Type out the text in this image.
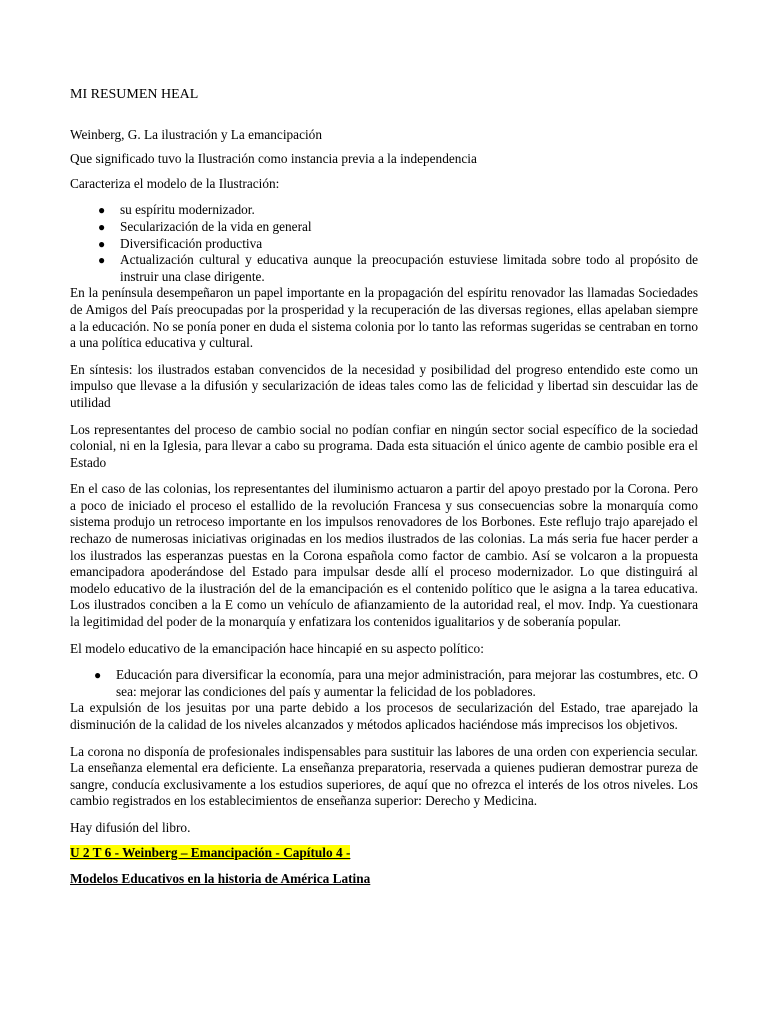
MI RESUMEN HEAL
Weinberg, G. La ilustración y La emancipación
Que significado tuvo la Ilustración como instancia previa a la independencia
Caracteriza el modelo de la Ilustración:
● su espíritu modernizador.
● Secularización de la vida en general
● Diversificación productiva
● Actualización cultural y educativa aunque la preocupación estuviese limitada sobre todo al propósito de instruir una clase dirigente.

En la península desempeñaron un papel importante en la propagación del espíritu renovador las llamadas Sociedades de Amigos del País preocupadas por la prosperidad y la recuperación de las diversas regiones, ellas apelaban siempre a la educación. No se ponía poner en duda el sistema colonia por lo tanto las reformas sugeridas se centraban en torno a una política educativa y cultural.

En síntesis: los ilustrados estaban convencidos de la necesidad y posibilidad del progreso entendido este como un impulso que llevase a la difusión y secularización de ideas tales como las de felicidad y libertad sin descuidar las de utilidad

Los representantes del proceso de cambio social no podían confiar en ningún sector social específico de la sociedad colonial, ni en la Iglesia, para llevar a cabo su programa. Dada esta situación el único agente de cambio posible era el Estado

En el caso de las colonias, los representantes del iluminismo actuaron a partir del apoyo prestado por la Corona. Pero a poco de iniciado el proceso el estallido de la revolución Francesa y sus consecuencias sobre la monarquía como sistema produjo un retroceso importante en los impulsos renovadores de los Borbones. Este reflujo trajo aparejado el rechazo de numerosas iniciativas originadas en los medios ilustrados de las colonias. La más seria fue hacer perder a los ilustrados las esperanzas puestas en la Corona española como factor de cambio. Así se volcaron a la propuesta emancipadora apoderándose del Estado para impulsar desde allí el proceso modernizador. Lo que distinguirá al modelo educativo de la ilustración del de la emancipación es el contenido político que le asigna a la tarea educativa. Los ilustrados conciben a la E como un vehículo de afianzamiento de la autoridad real, el mov. Indp. Ya cuestionara la legitimidad del poder de la monarquía y enfatizara los contenidos igualitarios y de soberanía popular.

El modelo educativo de la emancipación hace hincapié en su aspecto político:

● Educación para diversificar la economía, para una mejor administración, para mejorar las costumbres, etc. O sea: mejorar las condiciones del país y aumentar la felicidad de los pobladores.

La expulsión de los jesuitas por una parte debido a los procesos de secularización del Estado, trae aparejado la disminución de la calidad de los niveles alcanzados y métodos aplicados haciéndose más imprecisos los objetivos.

La corona no disponía de profesionales indispensables para sustituir las labores de una orden con experiencia secular. La enseñanza elemental era deficiente. La enseñanza preparatoria, reservada a quienes pudieran demostrar pureza de sangre, conducía exclusivamente a los estudios superiores, de aquí que no ofrezca el interés de los otros niveles. Los cambio registrados en los establecimientos de enseñanza superior: Derecho y Medicina.

Hay difusión del libro.

U 2 T 6 - Weinberg – Emancipación - Capítulo 4 -
Modelos Educativos en la historia de América Latina
